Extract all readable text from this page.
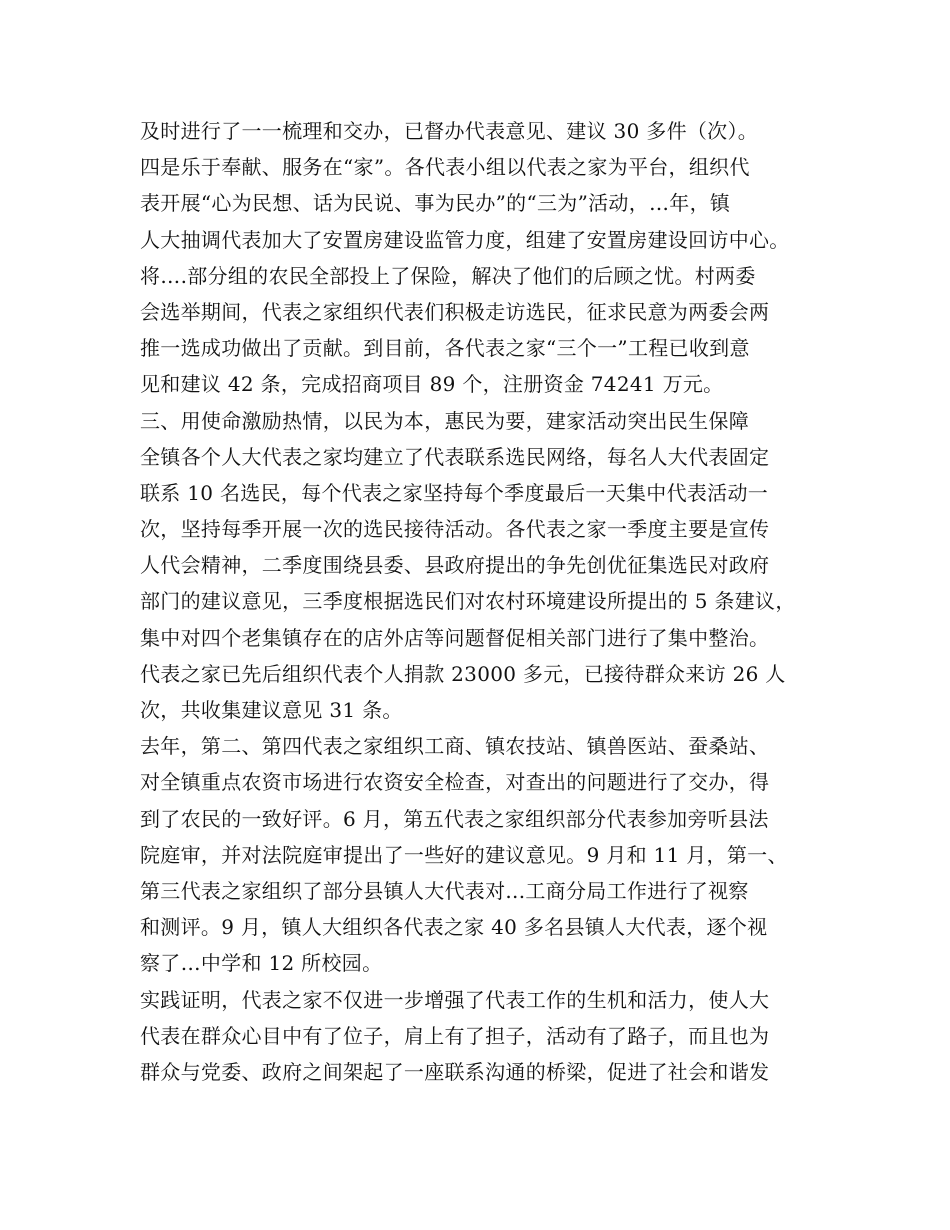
及时进行了一一梳理和交办，已督办代表意见、建议 30 多件（次）。
四是乐于奉献、服务在“家”。各代表小组以代表之家为平台，组织代
表开展“心为民想、话为民说、事为民办”的“三为”活动，…年，镇
人大抽调代表加大了安置房建设监管力度，组建了安置房建设回访中心。
将….部分组的农民全部投上了保险，解决了他们的后顾之忧。村两委
会选举期间，代表之家组织代表们积极走访选民，征求民意为两委会两
推一选成功做出了贡献。到目前，各代表之家“三个一”工程已收到意
见和建议 42 条，完成招商项目 89 个，注册资金 74241 万元。
三、用使命激励热情，以民为本，惠民为要，建家活动突出民生保障
全镇各个人大代表之家均建立了代表联系选民网络，每名人大代表固定
联系 10 名选民，每个代表之家坚持每个季度最后一天集中代表活动一
次，坚持每季开展一次的选民接待活动。各代表之家一季度主要是宣传
人代会精神，二季度围绕县委、县政府提出的争先创优征集选民对政府
部门的建议意见，三季度根据选民们对农村环境建设所提出的 5 条建议，
集中对四个老集镇存在的店外店等问题督促相关部门进行了集中整治。
代表之家已先后组织代表个人捐款 23000 多元，已接待群众来访 26 人
次，共收集建议意见 31 条。
去年，第二、第四代表之家组织工商、镇农技站、镇兽医站、蚕桑站、
对全镇重点农资市场进行农资安全检查，对查出的问题进行了交办，得
到了农民的一致好评。6 月，第五代表之家组织部分代表参加旁听县法
院庭审，并对法院庭审提出了一些好的建议意见。9 月和 11 月，第一、
第三代表之家组织了部分县镇人大代表对...工商分局工作进行了视察
和测评。9 月，镇人大组织各代表之家 40 多名县镇人大代表，逐个视
察了…中学和 12 所校园。
实践证明，代表之家不仅进一步增强了代表工作的生机和活力，使人大
代表在群众心目中有了位子，肩上有了担子，活动有了路子，而且也为
群众与党委、政府之间架起了一座联系沟通的桥梁，促进了社会和谐发
